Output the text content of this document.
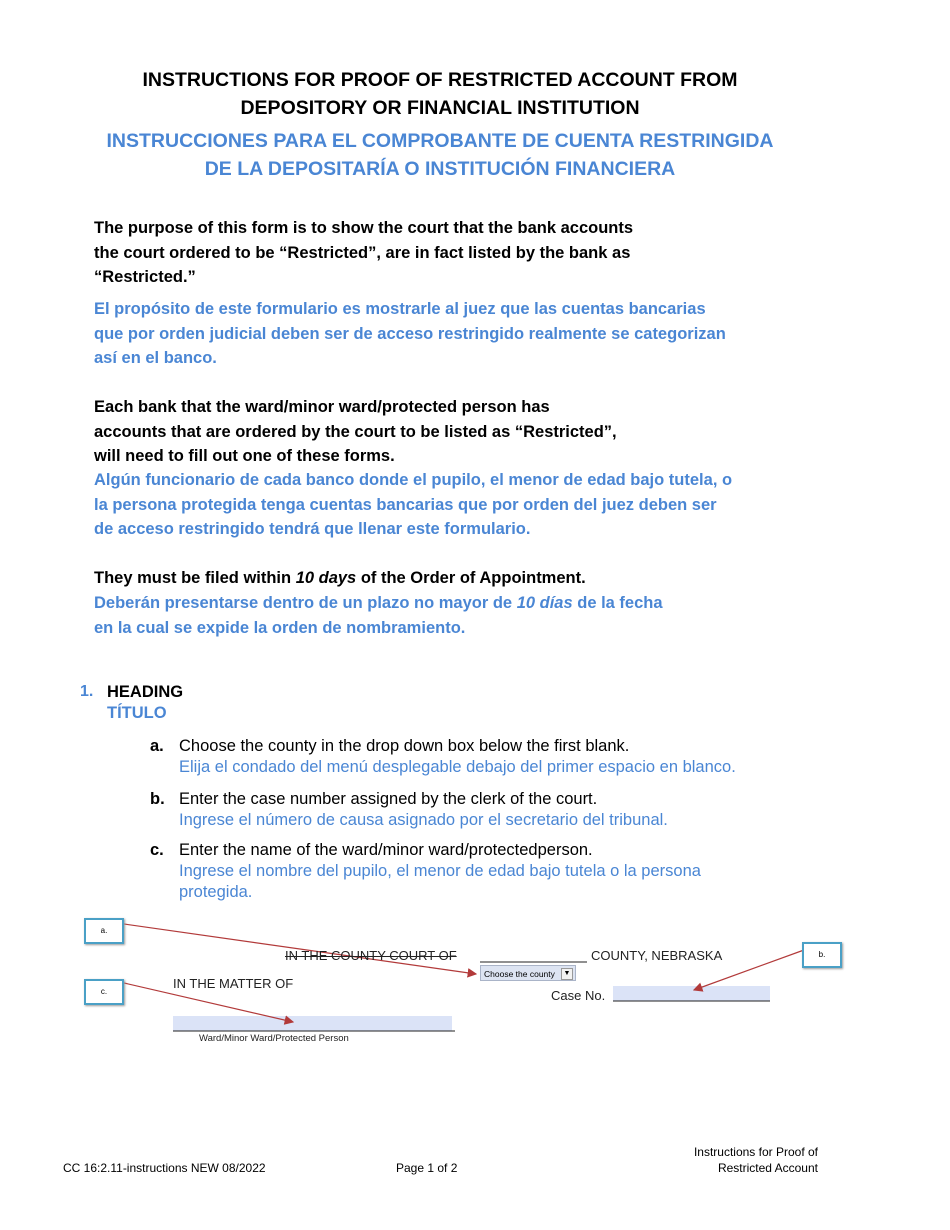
INSTRUCTIONS FOR PROOF OF RESTRICTED ACCOUNT FROM
DEPOSITORY OR FINANCIAL INSTITUTION
INSTRUCCIONES PARA EL COMPROBANTE DE CUENTA RESTRINGIDA
DE LA DEPOSITARÍA O INSTITUCIÓN FINANCIERA
The purpose of this form is to show the court that the bank accounts
the court ordered to be “Restricted”, are in fact listed by the bank as
“Restricted.”
El propósito de este formulario es mostrarle al juez que las cuentas bancarias
que por orden judicial deben ser de acceso restringido realmente se categorizan
así en el banco.
Each bank that the ward/minor ward/protected person has
accounts that are ordered by the court to be listed as “Restricted”,
will need to fill out one of these forms.
Algún funcionario de cada banco donde el pupilo, el menor de edad bajo tutela, o
la persona protegida tenga cuentas bancarias que por orden del juez deben ser
de acceso restringido tendrá que llenar este formulario.
They must be filed within 10 days of the Order of Appointment.
Deberán presentarse dentro de un plazo no mayor de 10 días de la fecha
en la cual se expide la orden de nombramiento.
1. HEADING
TÍTULO
a. Choose the county in the drop down box below the first blank.
Elija el condado del menú desplegable debajo del primer espacio en blanco.
b. Enter the case number assigned by the clerk of the court.
Ingrese el número de causa asignado por el secretario del tribunal.
c. Enter the name of the ward/minor ward/protectedperson.
Ingrese el nombre del pupilo, el menor de edad bajo tutela o la persona
protegida.
a.
b.
c.
IN THE COUNTY COURT OF	COUNTY, NEBRASKA
Choose the county	▼
IN THE MATTER OF
Case No.
Ward/Minor Ward/Protected Person
CC 16:2.11-instructions NEW 08/2022	Page 1 of 2
Instructions for Proof of
Restricted Account
